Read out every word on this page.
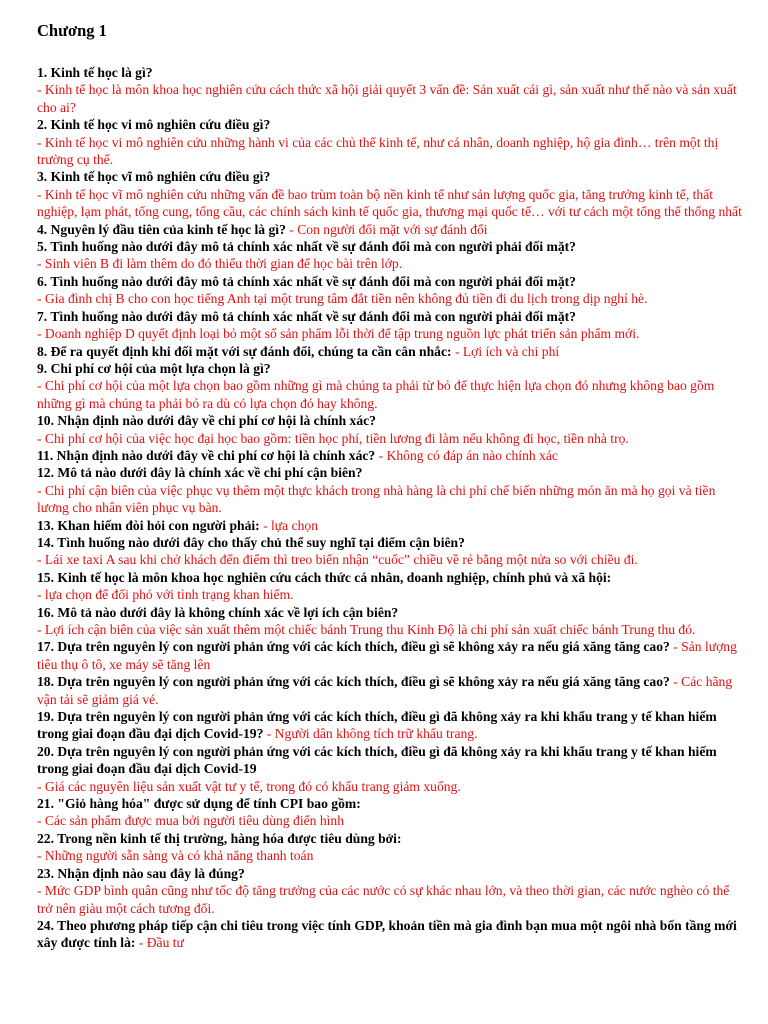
Chương 1
1. Kinh tế học là gì?
- Kinh tế học là môn khoa học nghiên cứu cách thức xã hội giải quyết 3 vấn đề: Sản xuất cái gì, sản xuất như thế nào và sản xuất cho ai?
2. Kinh tế học vi mô nghiên cứu điều gì?
- Kinh tế học vi mô nghiên cứu những hành vi của các chủ thể kinh tế, như cá nhân, doanh nghiệp, hộ gia đình… trên một thị trường cụ thể.
3. Kinh tế học vĩ mô nghiên cứu điều gì?
- Kinh tế học vĩ mô nghiên cứu những vấn đề bao trùm toàn bộ nền kinh tế như sản lượng quốc gia, tăng trưởng kinh tế, thất nghiệp, lạm phát, tổng cung, tổng cầu, các chính sách kinh tế quốc gia, thương mại quốc tế… với tư cách một tổng thể thống nhất
4. Nguyên lý đầu tiên của kinh tế học là gì? - Con người đối mặt với sự đánh đổi
5. Tình huống nào dưới đây mô tả chính xác nhất về sự đánh đổi mà con người phải đối mặt?
- Sinh viên B đi làm thêm do đó thiếu thời gian để học bài trên lớp.
6. Tình huống nào dưới đây mô tả chính xác nhất về sự đánh đổi mà con người phải đối mặt?
- Gia đình chị B cho con học tiếng Anh tại một trung tâm đắt tiền nên không đủ tiền đi du lịch trong dịp nghỉ hè.
7. Tình huống nào dưới đây mô tả chính xác nhất về sự đánh đổi mà con người phải đối mặt?
- Doanh nghiệp D quyết định loại bỏ một số sản phẩm lỗi thời để tập trung nguồn lực phát triển sản phẩm mới.
8. Để ra quyết định khi đối mặt với sự đánh đổi, chúng ta cần cân nhắc: - Lợi ích và chi phí
9. Chi phí cơ hội của một lựa chọn là gì?
- Chi phí cơ hội của một lựa chọn bao gồm những gì mà chúng ta phải từ bỏ để thực hiện lựa chọn đó nhưng không bao gồm những gì mà chúng ta phải bỏ ra dù có lựa chọn đó hay không.
10. Nhận định nào dưới đây về chi phí cơ hội là chính xác?
- Chi phí cơ hội của việc học đại học bao gồm: tiền học phí, tiền lương đi làm nếu không đi học, tiền nhà trọ.
11. Nhận định nào dưới đây về chi phí cơ hội là chính xác? - Không có đáp án nào chính xác
12. Mô tả nào dưới đây là chính xác về chi phí cận biên?
- Chi phí cận biên của việc phục vụ thêm một thực khách trong nhà hàng là chi phí chế biến những món ăn mà họ gọi và tiền lương cho nhân viên phục vụ bàn.
13. Khan hiếm đòi hỏi con người phải: - lựa chọn
14. Tình huống nào dưới đây cho thấy chủ thể suy nghĩ tại điểm cận biên?
- Lái xe taxi A sau khi chở khách đến điểm thì treo biển nhận “cuốc” chiều về rẻ bằng một nửa so với chiều đi.
15. Kinh tế học là môn khoa học nghiên cứu cách thức cá nhân, doanh nghiệp, chính phủ và xã hội:
- lựa chọn để đối phó với tình trạng khan hiếm.
16. Mô tả nào dưới đây là không chính xác về lợi ích cận biên?
- Lợi ích cận biên của việc sản xuất thêm một chiếc bánh Trung thu Kinh Độ là chi phí sản xuất chiếc bánh Trung thu đó.
17. Dựa trên nguyên lý con người phản ứng với các kích thích, điều gì sẽ không xảy ra nếu giá xăng tăng cao? - Sản lượng tiêu thụ ô tô, xe máy sẽ tăng lên
18. Dựa trên nguyên lý con người phản ứng với các kích thích, điều gì sẽ không xảy ra nếu giá xăng tăng cao? - Các hãng vận tải sẽ giảm giá vé.
19. Dựa trên nguyên lý con người phản ứng với các kích thích, điều gì đã không xảy ra khi khẩu trang y tế khan hiếm trong giai đoạn đầu đại dịch Covid-19? - Người dân không tích trữ khẩu trang.
20. Dựa trên nguyên lý con người phản ứng với các kích thích, điều gì đã không xảy ra khi khẩu trang y tế khan hiếm trong giai đoạn đầu đại dịch Covid-19
- Giá các nguyên liệu sản xuất vật tư y tế, trong đó có khẩu trang giảm xuống.
21. "Giỏ hàng hóa" được sử dụng để tính CPI bao gồm:
- Các sản phẩm được mua bởi người tiêu dùng điển hình
22. Trong nền kinh tế thị trường, hàng hóa được tiêu dùng bởi:
- Những người sẵn sàng và có khả năng thanh toán
23. Nhận định nào sau đây là đúng?
- Mức GDP bình quân cũng như tốc độ tăng trưởng của các nước có sự khác nhau lớn, và theo thời gian, các nước nghèo có thể trở nên giàu một cách tương đối.
24. Theo phương pháp tiếp cận chi tiêu trong việc tính GDP, khoản tiền mà gia đình bạn mua một ngôi nhà bốn tầng mới xây được tính là: - Đầu tư
